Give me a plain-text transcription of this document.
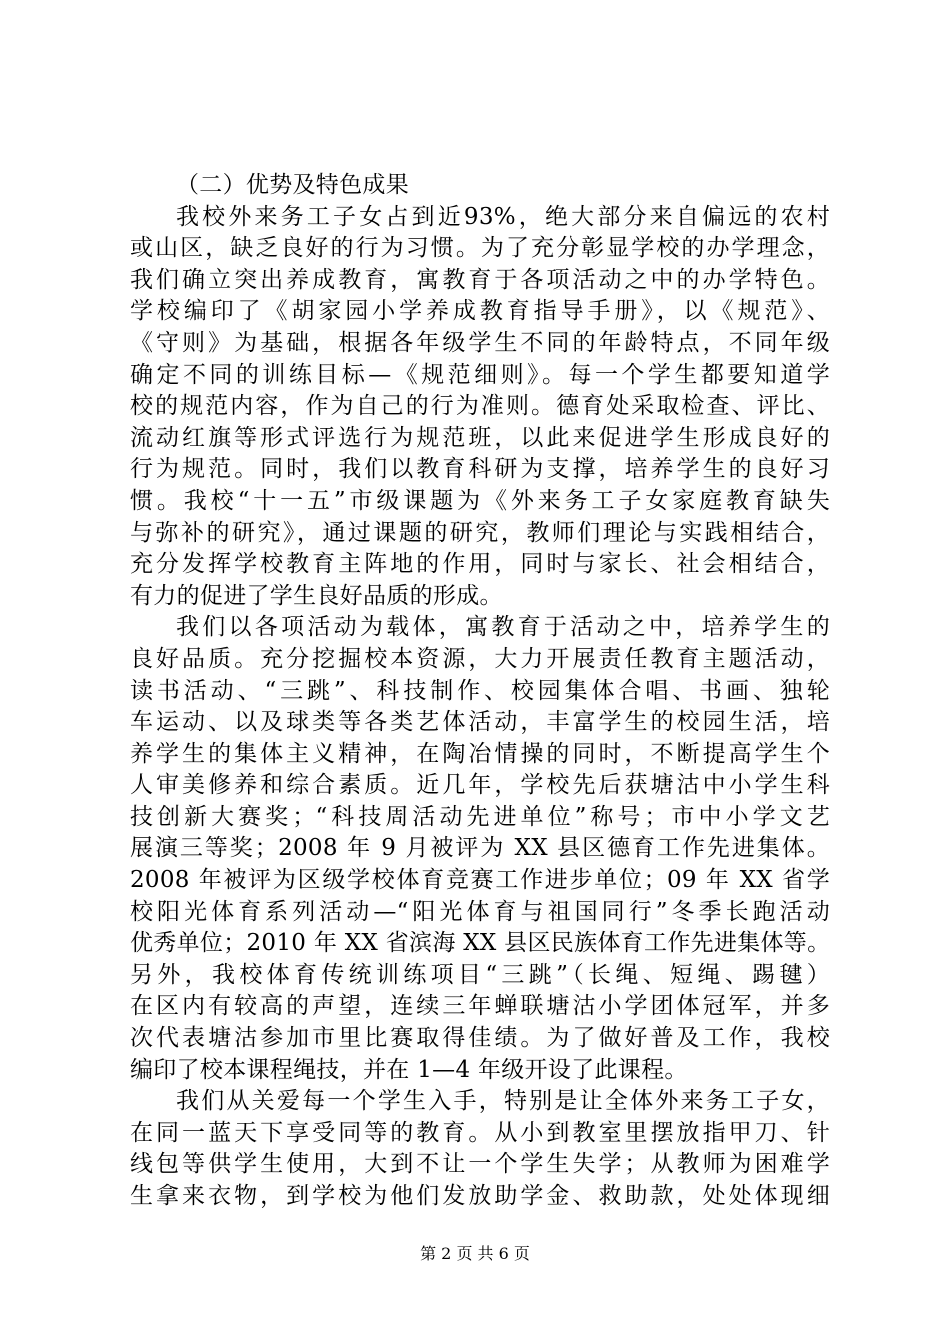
（二）优势及特色成果
我校外来务工子女占到近93%，绝大部分来自偏远的农村
或山区，缺乏良好的行为习惯。为了充分彰显学校的办学理念，
我们确立突出养成教育，寓教育于各项活动之中的办学特色。
学校编印了《胡家园小学养成教育指导手册》，以《规范》、
《守则》为基础，根据各年级学生不同的年龄特点，不同年级
确定不同的训练目标—《规范细则》。每一个学生都要知道学
校的规范内容，作为自己的行为准则。德育处采取检查、评比、
流动红旗等形式评选行为规范班，以此来促进学生形成良好的
行为规范。同时，我们以教育科研为支撑，培养学生的良好习
惯。我校“十一五”市级课题为《外来务工子女家庭教育缺失
与弥补的研究》，通过课题的研究，教师们理论与实践相结合，
充分发挥学校教育主阵地的作用，同时与家长、社会相结合，
有力的促进了学生良好品质的形成。
我们以各项活动为载体，寓教育于活动之中，培养学生的
良好品质。充分挖掘校本资源，大力开展责任教育主题活动，
读书活动、“三跳”、科技制作、校园集体合唱、书画、独轮
车运动、以及球类等各类艺体活动，丰富学生的校园生活，培
养学生的集体主义精神，在陶冶情操的同时，不断提高学生个
人审美修养和综合素质。近几年，学校先后获塘沽中小学生科
技创新大赛奖；“科技周活动先进单位”称号；市中小学文艺
展演三等奖；2008 年 9 月被评为 XX 县区德育工作先进集体。
2008 年被评为区级学校体育竞赛工作进步单位；09 年 XX 省学
校阳光体育系列活动—“阳光体育与祖国同行”冬季长跑活动
优秀单位；2010 年 XX 省滨海 XX 县区民族体育工作先进集体等。
另外，我校体育传统训练项目“三跳”（长绳、短绳、踢毽）
在区内有较高的声望，连续三年蝉联塘沽小学团体冠军，并多
次代表塘沽参加市里比赛取得佳绩。为了做好普及工作，我校
编印了校本课程绳技，并在 1—4 年级开设了此课程。
我们从关爱每一个学生入手，特别是让全体外来务工子女，
在同一蓝天下享受同等的教育。从小到教室里摆放指甲刀、针
线包等供学生使用，大到不让一个学生失学；从教师为困难学
生拿来衣物，到学校为他们发放助学金、救助款，处处体现细
第 2 页 共 6 页
